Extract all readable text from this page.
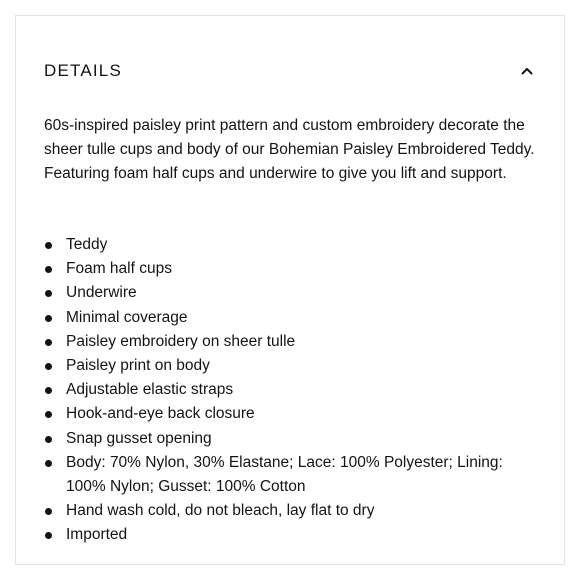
DETAILS

60s-inspired paisley print pattern and custom embroidery decorate the sheer tulle cups and body of our Bohemian Paisley Embroidered Teddy. Featuring foam half cups and underwire to give you lift and support.

Teddy
Foam half cups
Underwire
Minimal coverage
Paisley embroidery on sheer tulle
Paisley print on body
Adjustable elastic straps
Hook-and-eye back closure
Snap gusset opening
Body: 70% Nylon, 30% Elastane; Lace: 100% Polyester; Lining: 100% Nylon; Gusset: 100% Cotton
Hand wash cold, do not bleach, lay flat to dry
Imported
